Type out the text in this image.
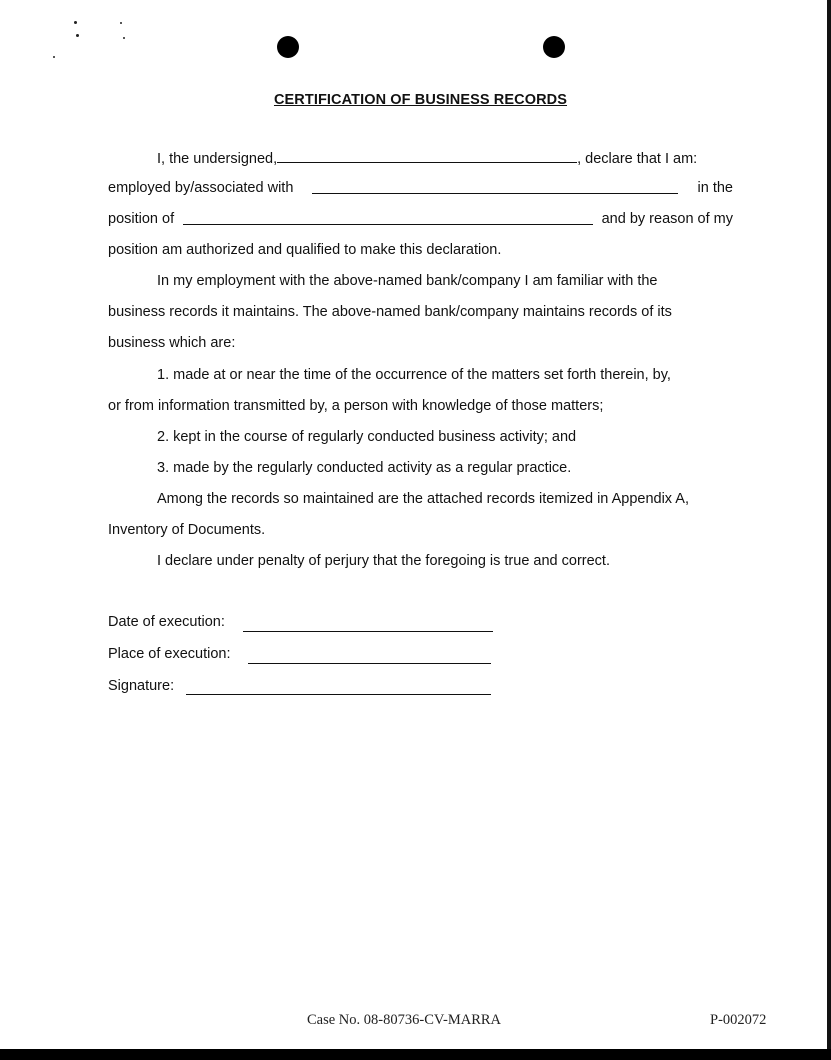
CERTIFICATION OF BUSINESS RECORDS
I, the undersigned,	, declare that I am:
employed by/associated with	in the
position of	and by reason of my
position am authorized and qualified to make this declaration.
In my employment with the above-named bank/company I am familiar with the
business records it maintains. The above-named bank/company maintains records of its
business which are:
1. made at or near the time of the occurrence of the matters set forth therein, by,
or from information transmitted by, a person with knowledge of those matters;
2. kept in the course of regularly conducted business activity; and
3. made by the regularly conducted activity as a regular practice.
Among the records so maintained are the attached records itemized in Appendix A,
Inventory of Documents.
I declare under penalty of perjury that the foregoing is true and correct.
Date of execution:
Place of execution:
Signature:
Case No. 08-80736-CV-MARRA	P-002072
